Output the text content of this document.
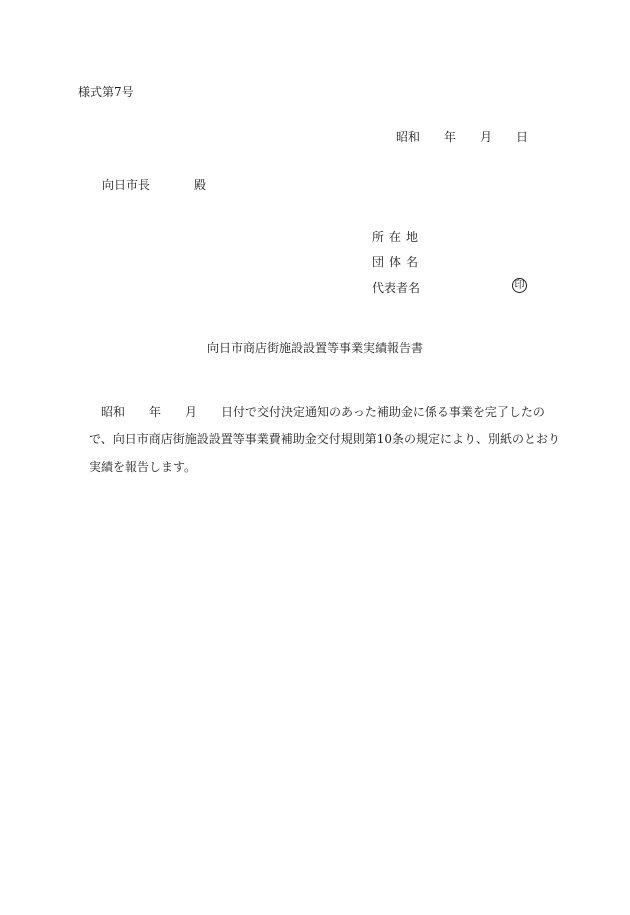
様式第7号
昭和 年 月 日
向日市長	殿
所在地
団体名
代表者名	印
向日市商店街施設設置等事業実績報告書
昭和 年 月 日付で交付決定通知のあった補助金に係る事業を完了したの
で、向日市商店街施設設置等事業費補助金交付規則第10条の規定により、別紙のとおり
実績を報告します。
